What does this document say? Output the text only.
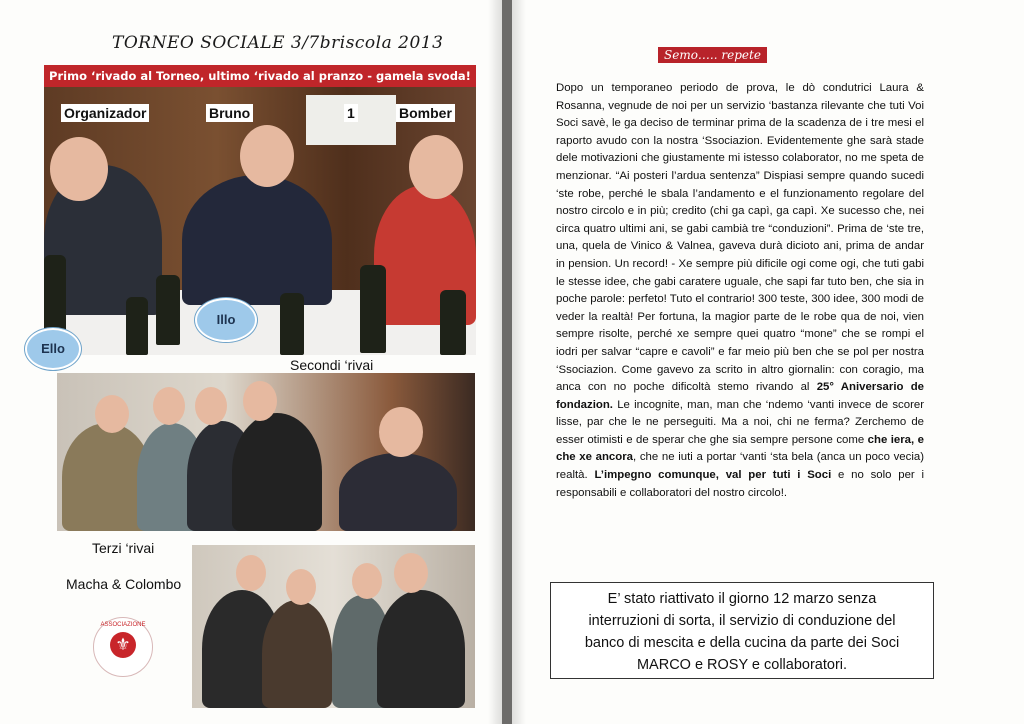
TORNEO SOCIALE 3/7briscola 2013
Primo ‘rivado al Torneo, ultimo ‘rivado al pranzo - gamela svoda!
Organizador	Bruno	1	Bomber
Ello
Illo
Secondi ‘rivai
Terzi ‘rivai
Macha & Colombo
ASSOCIAZIONE
⚜
Semo….. repete

Dopo un temporaneo periodo de prova, le dò condutrici Laura & Rosanna, vegnude de noi per un servizio ‘bastanza rilevante che tuti Voi Soci savè, le ga deciso de terminar prima de la scadenza de i tre mesi el raporto avudo con la nostra ‘Ssociazion. Evidentemente ghe sarà stade dele motivazioni che giustamente mi istesso colaborator, no me speta de menzionar. “Ai posteri l’ardua sentenza” Dispiasi sempre quando sucedi ‘ste robe, perché le sbala l’andamento e el funzionamento regolare del nostro circolo e in più; credito (chi ga capì, ga capì. Xe sucesso che, nei circa quatro ultimi ani, se gabi cambià tre “conduzioni”. Prima de ‘ste tre, una, quela de Vinico & Valnea, gaveva durà dicioto ani, prima de andar in pension. Un record! - Xe sempre più dificile ogi come ogi, che tuti gabi le stesse idee, che gabi caratere uguale, che sapi far tuto ben, che sia in poche parole: perfeto! Tuto el contrario! 300 teste, 300 idee, 300 modi de veder la realtà! Per fortuna, la magior parte de le robe qua de noi, vien sempre risolte, perché xe sempre quei quatro “mone” che se rompi el iodri per salvar “capre e cavoli” e far meio più ben che se pol per nostra ‘Ssociazion. Come gavevo za scrito in altro giornalin: con coragio, ma anca con no poche dificoltà stemo rivando al 25° Aniversario de fondazion. Le incognite, man, man che ‘ndemo ‘vanti invece de scorer lisse, par che le ne perseguiti. Ma a noi, chi ne ferma? Zerchemo de esser otimisti e de sperar che ghe sia sempre persone come che iera, e che xe ancora, che ne iuti a portar ‘vanti ‘sta bela (anca un poco vecia) realtà. L’impegno comunque, val per tuti i Soci e no solo per i responsabili e collaboratori del nostro circolo!.

E’ stato riattivato il giorno 12 marzo senza
interruzioni di sorta, il servizio di conduzione del
banco di mescita e della cucina da parte dei Soci
MARCO e ROSY e collaboratori.
